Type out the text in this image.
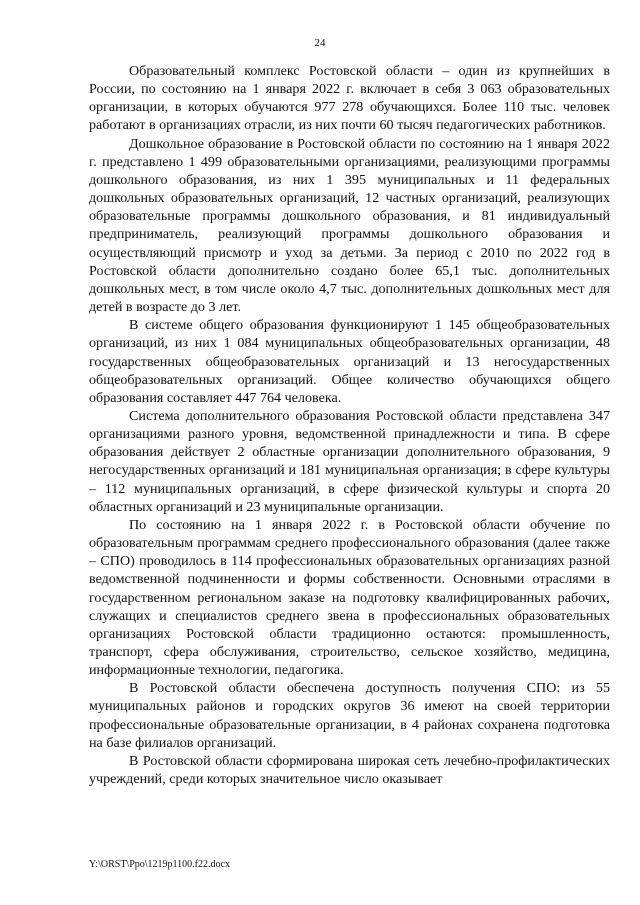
24

Образовательный комплекс Ростовской области – один из крупнейших в России, по состоянию на 1 января 2022 г. включает в себя 3 063 образовательных организации, в которых обучаются 977 278 обучающихся. Более 110 тыс. человек работают в организациях отрасли, из них почти 60 тысяч педагогических работников.

Дошкольное образование в Ростовской области по состоянию на 1 января 2022 г. представлено 1 499 образовательными организациями, реализующими программы дошкольного образования, из них 1 395 муниципальных и 11 федеральных дошкольных образовательных организаций, 12 частных организаций, реализующих образовательные программы дошкольного образования, и 81 индивидуальный предприниматель, реализующий программы дошкольного образования и осуществляющий присмотр и уход за детьми. За период с 2010 по 2022 год в Ростовской области дополнительно создано более 65,1 тыс. дополнительных дошкольных мест, в том числе около 4,7 тыс. дополнительных дошкольных мест для детей в возрасте до 3 лет.

В системе общего образования функционируют 1 145 общеобразовательных организаций, из них 1 084 муниципальных общеобразовательных организации, 48 государственных общеобразовательных организаций и 13 негосударственных общеобразовательных организаций. Общее количество обучающихся общего образования составляет 447 764 человека.

Система дополнительного образования Ростовской области представлена 347 организациями разного уровня, ведомственной принадлежности и типа. В сфере образования действует 2 областные организации дополнительного образования, 9 негосударственных организаций и 181 муниципальная организация; в сфере культуры – 112 муниципальных организаций, в сфере физической культуры и спорта 20 областных организаций и 23 муниципальные организации.

По состоянию на 1 января 2022 г. в Ростовской области обучение по образовательным программам среднего профессионального образования (далее также – СПО) проводилось в 114 профессиональных образовательных организациях разной ведомственной подчиненности и формы собственности. Основными отраслями в государственном региональном заказе на подготовку квалифицированных рабочих, служащих и специалистов среднего звена в профессиональных образовательных организациях Ростовской области традиционно остаются: промышленность, транспорт, сфера обслуживания, строительство, сельское хозяйство, медицина, информационные технологии, педагогика.

В Ростовской области обеспечена доступность получения СПО: из 55 муниципальных районов и городских округов 36 имеют на своей территории профессиональные образовательные организации, в 4 районах сохранена подготовка на базе филиалов организаций.

В Ростовской области сформирована широкая сеть лечебно-профилактических учреждений, среди которых значительное число оказывает

Y:\ORST\Ppo\1219p1100.f22.docx
